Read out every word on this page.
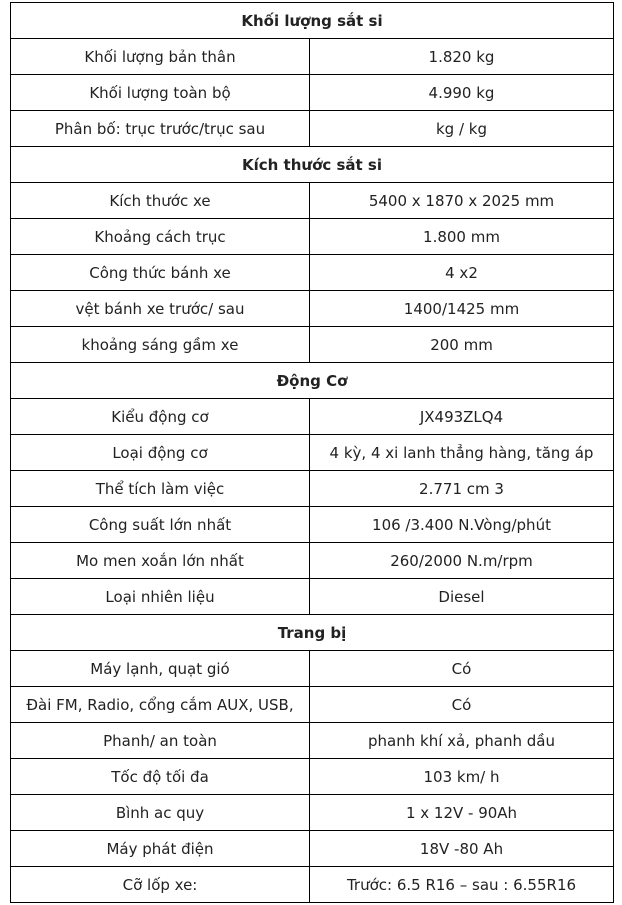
Khối lượng sắt si	
Khối lượng bản thân	1.820 kg
Khối lượng toàn bộ	4.990 kg
Phân bố: trục trước/trục sau	kg / kg
Kích thước sắt si	
Kích thước xe	5400 x 1870 x 2025 mm
Khoảng cách trục	1.800 mm
Công thức bánh xe	4 x2
vệt bánh xe trước/ sau	1400/1425 mm
khoảng sáng gầm xe	200 mm
Động Cơ	
Kiểu động cơ	JX493ZLQ4
Loại động cơ	4 kỳ, 4 xi lanh thẳng hàng, tăng áp
Thể tích làm việc	2.771 cm 3
Công suất lớn nhất	106 /3.400 N.Vòng/phút
Mo men xoắn lớn nhất	260/2000 N.m/rpm
Loại nhiên liệu	Diesel
Trang bị	
Máy lạnh, quạt gió	Có
Đài FM, Radio, cổng cắm AUX, USB,	Có
Phanh/ an toàn	phanh khí xả, phanh dầu
Tốc độ tối đa	103 km/ h
Bình ac quy	1 x 12V - 90Ah
Máy phát điện	18V -80 Ah
Cỡ lốp xe:	Trước: 6.5 R16 – sau : 6.55R16
